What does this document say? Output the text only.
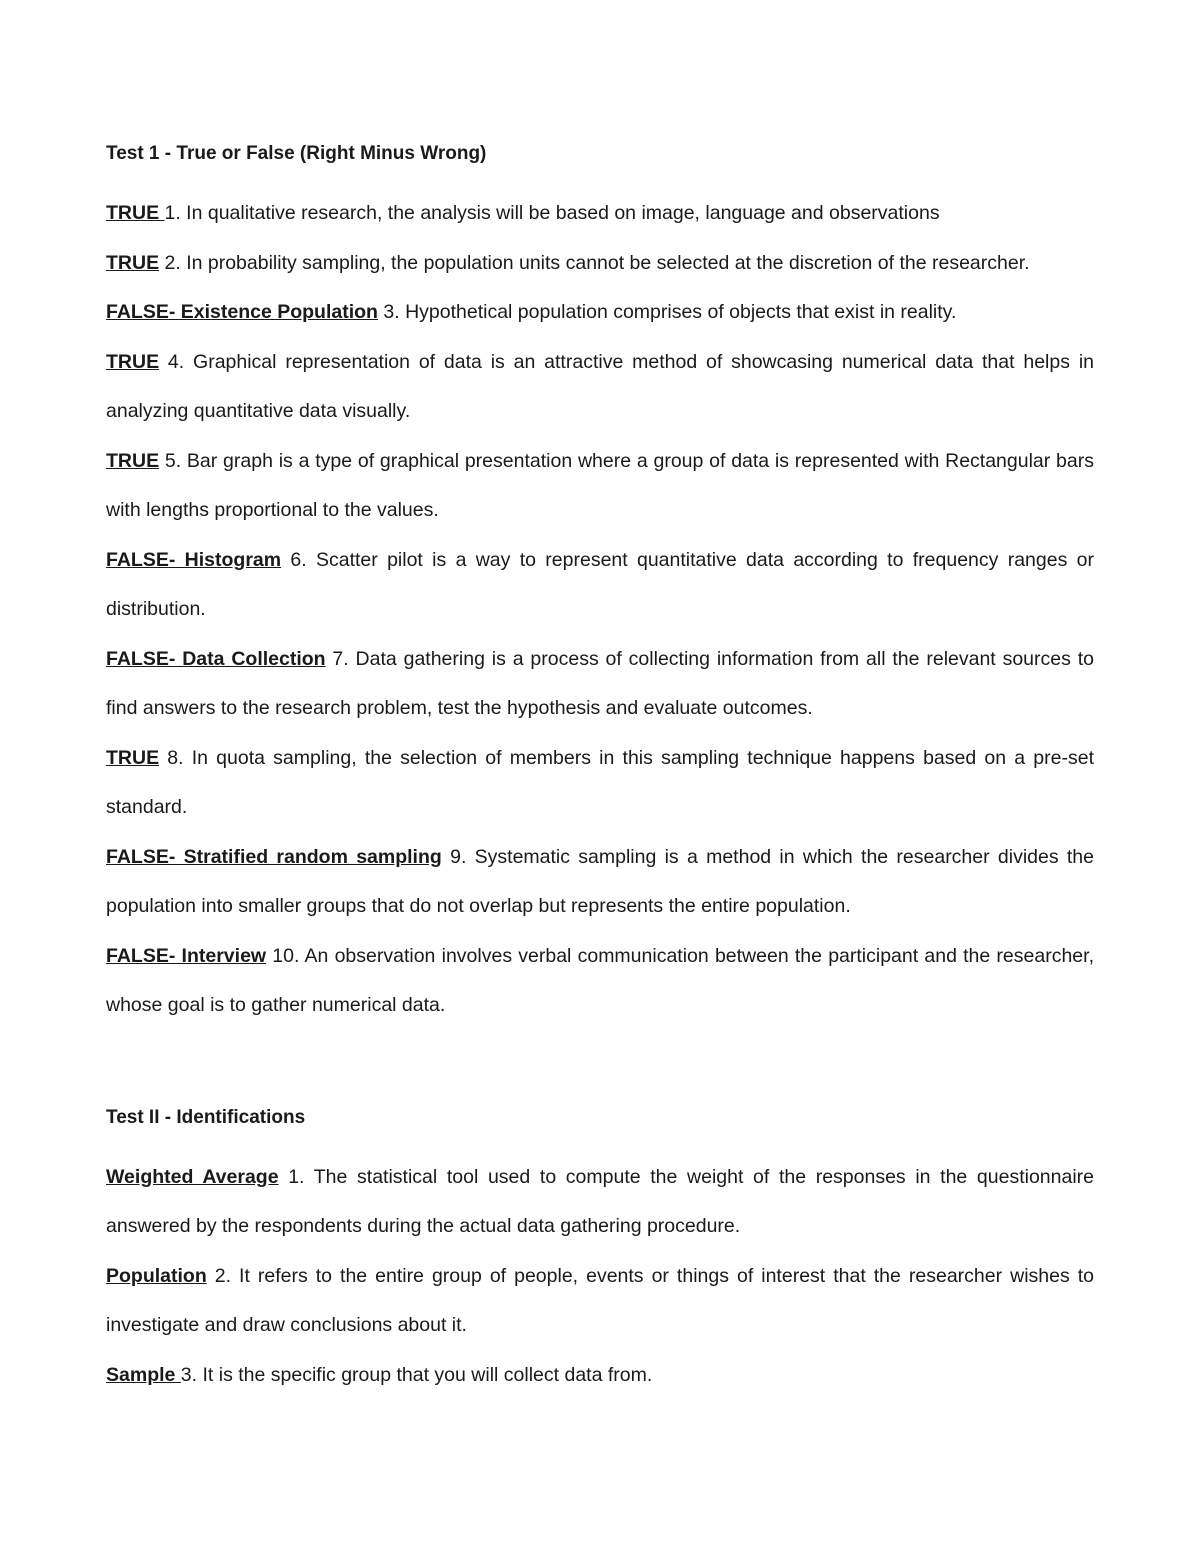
Test 1 - True or False (Right Minus Wrong)

TRUE 1. In qualitative research, the analysis will be based on image, language and observations

TRUE 2. In probability sampling, the population units cannot be selected at the discretion of the researcher.

FALSE- Existence Population 3. Hypothetical population comprises of objects that exist in reality.

TRUE 4. Graphical representation of data is an attractive method of showcasing numerical data that helps in analyzing quantitative data visually.

TRUE 5. Bar graph is a type of graphical presentation where a group of data is represented with Rectangular bars with lengths proportional to the values.

FALSE- Histogram 6. Scatter pilot is a way to represent quantitative data according to frequency ranges or distribution.

FALSE- Data Collection 7. Data gathering is a process of collecting information from all the relevant sources to find answers to the research problem, test the hypothesis and evaluate outcomes.

TRUE 8. In quota sampling, the selection of members in this sampling technique happens based on a pre-set standard.

FALSE- Stratified random sampling 9. Systematic sampling is a method in which the researcher divides the population into smaller groups that do not overlap but represents the entire population.

FALSE- Interview 10. An observation involves verbal communication between the participant and the researcher, whose goal is to gather numerical data.

Test II - Identifications

Weighted Average 1. The statistical tool used to compute the weight of the responses in the questionnaire answered by the respondents during the actual data gathering procedure.

Population 2. It refers to the entire group of people, events or things of interest that the researcher wishes to investigate and draw conclusions about it.

Sample 3. It is the specific group that you will collect data from.
